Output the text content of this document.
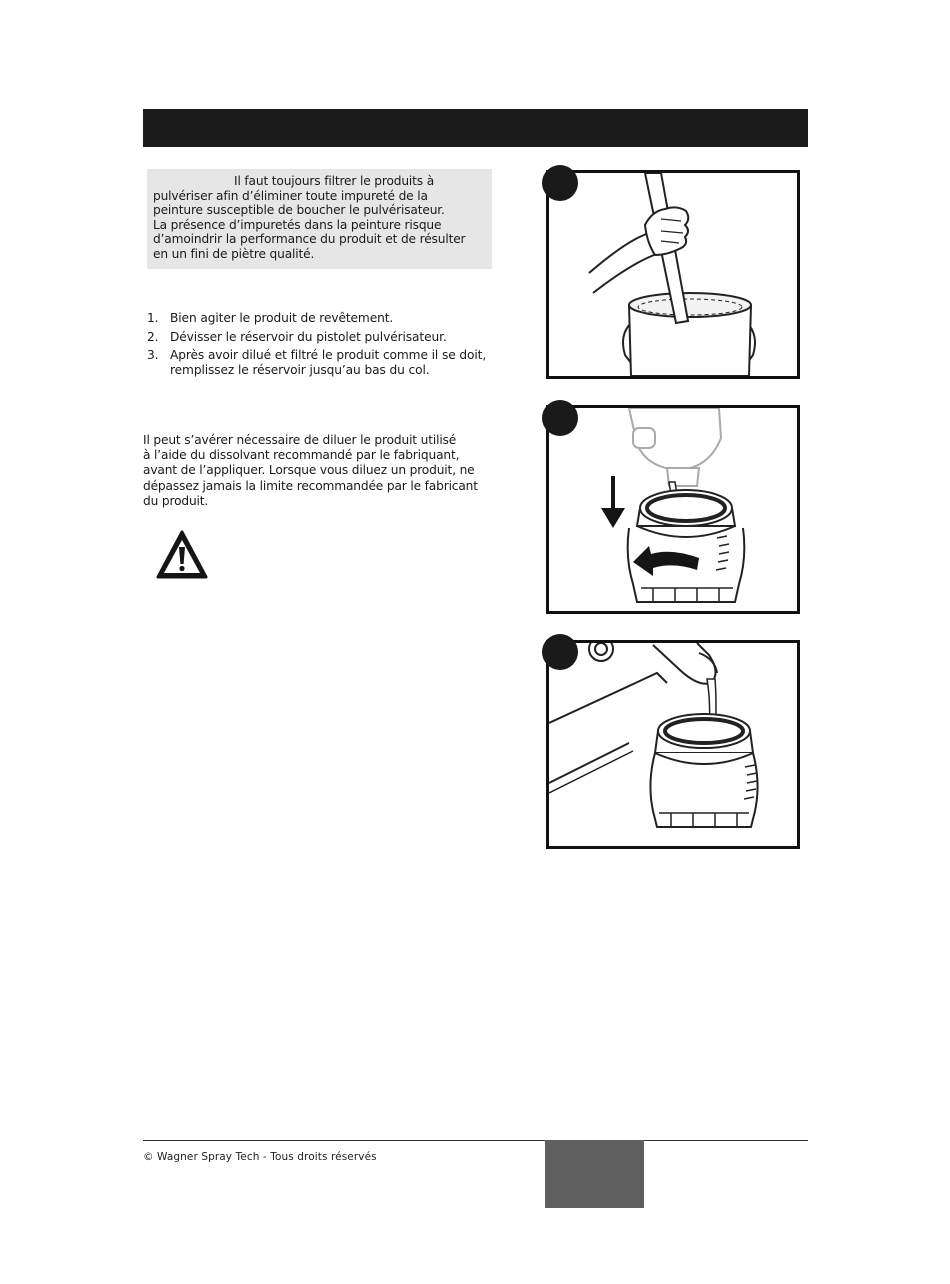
Il faut toujours filtrer le produits à

pulvériser afin d’éliminer toute impureté de la

peinture susceptible de boucher le pulvérisateur.

La présence d’impuretés dans la peinture risque

d’amoindrir la performance du produit et de résulter

en un fini de piètre qualité.

1. Bien agiter le produit de revêtement.
2. Dévisser le réservoir du pistolet pulvérisateur.
3. Après avoir dilué et filtré le produit comme il se doit, remplissez le réservoir jusqu’au bas du col.
Il peut s’avérer nécessaire de diluer le produit utilisé
à l’aide du dissolvant recommandé par le fabriquant,
avant de l’appliquer. Lorsque vous diluez un produit, ne
dépassez jamais la limite recommandée par le fabricant
du produit.
© Wagner Spray Tech - Tous droits réservés
